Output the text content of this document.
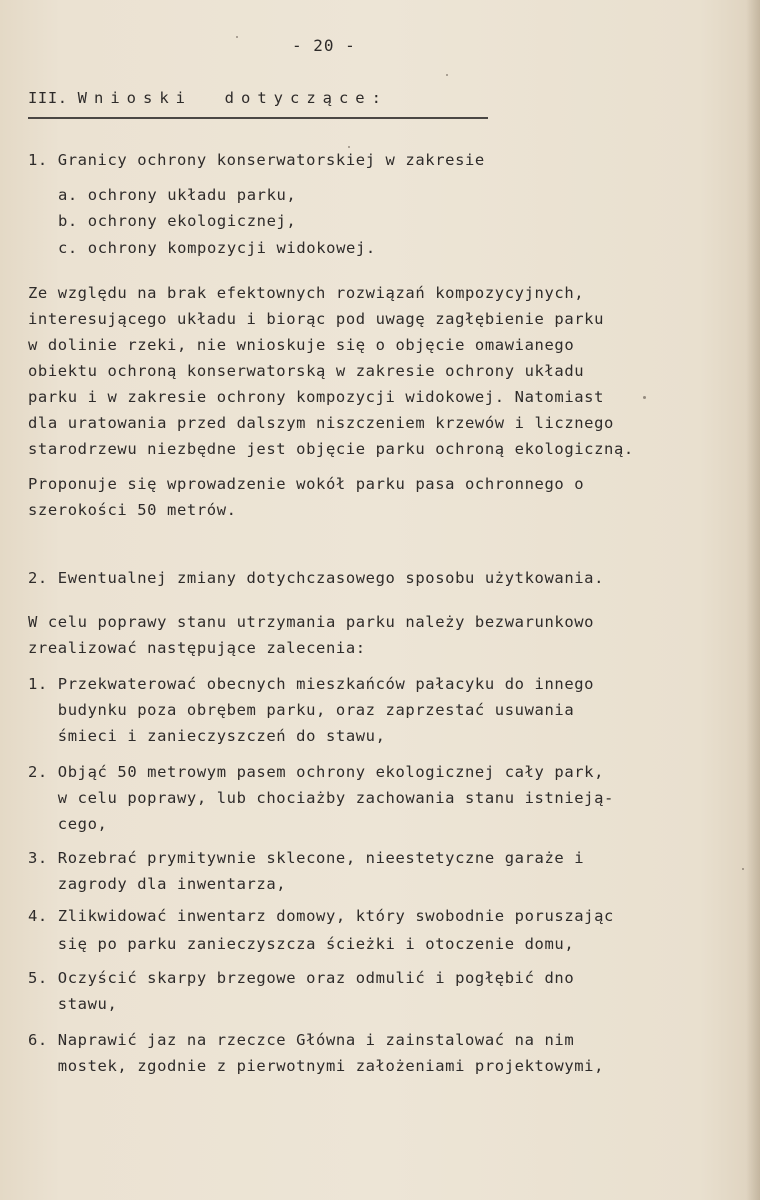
- 20 -
III. Wnioski  dotyczące:
1. Granicy ochrony konserwatorskiej w zakresie
a. ochrony układu parku,
b. ochrony ekologicznej,
c. ochrony kompozycji widokowej.
Ze względu na brak efektownych rozwiązań kompozycyjnych,
interesującego układu i biorąc pod uwagę zagłębienie parku
w dolinie rzeki, nie wnioskuje się o objęcie omawianego
obiektu ochroną konserwatorską w zakresie ochrony układu
parku i w zakresie ochrony kompozycji widokowej. Natomiast
dla uratowania przed dalszym niszczeniem krzewów i licznego
starodrzewu niezbędne jest objęcie parku ochroną ekologiczną.
Proponuje się wprowadzenie wokół parku pasa ochronnego o
szerokości 50 metrów.
2. Ewentualnej zmiany dotychczasowego sposobu użytkowania.
W celu poprawy stanu utrzymania parku należy bezwarunkowo
zrealizować następujące zalecenia:
1. Przekwaterować obecnych mieszkańców pałacyku do innego
budynku poza obrębem parku, oraz zaprzestać usuwania
śmieci i zanieczyszczeń do stawu,
2. Objąć 50 metrowym pasem ochrony ekologicznej cały park,
w celu poprawy, lub chociażby zachowania stanu istnieją-
cego,
3. Rozebrać prymitywnie sklecone, nieestetyczne garaże i
zagrody dla inwentarza,
4. Zlikwidować inwentarz domowy, który swobodnie poruszając
się po parku zanieczyszcza ścieżki i otoczenie domu,
5. Oczyścić skarpy brzegowe oraz odmulić i pogłębić dno
stawu,
6. Naprawić jaz na rzeczce Główna i zainstalować na nim
mostek, zgodnie z pierwotnymi założeniami projektowymi,
